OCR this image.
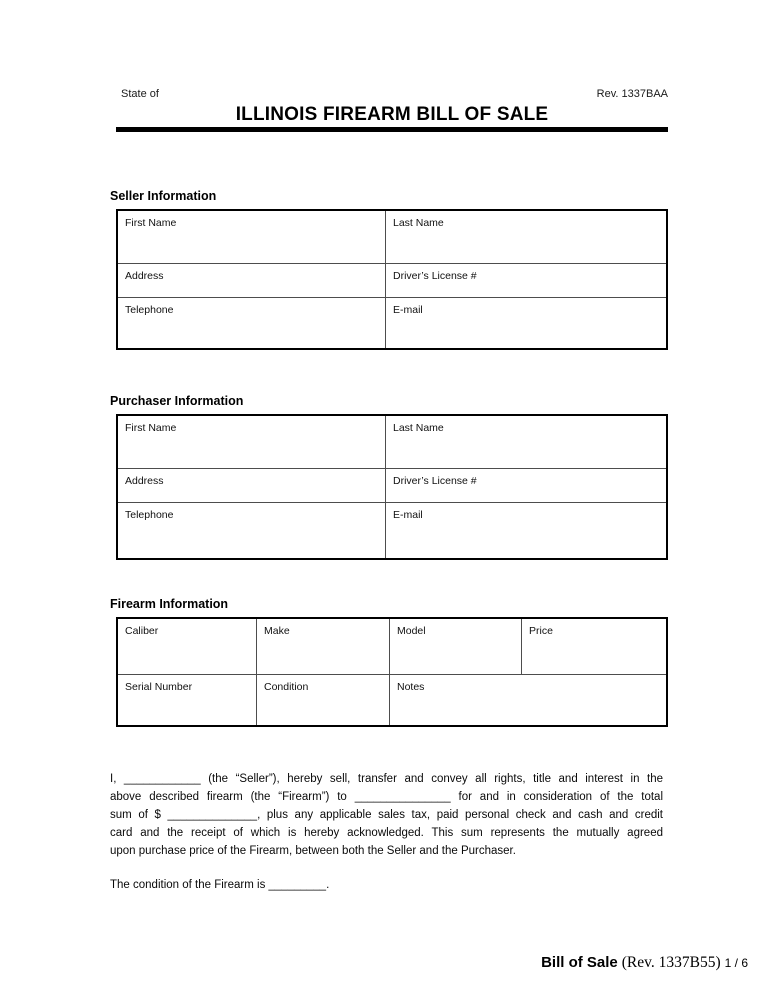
State of	Rev. 1337BAA
ILLINOIS FIREARM BILL OF SALE
Seller Information
First Name	Last Name
Address	Driver’s License #
Telephone	E-mail
Purchaser Information
First Name	Last Name
Address	Driver’s License #
Telephone	E-mail
Firearm Information
Caliber	Make	Model	Price
Serial Number	Condition	Notes
I, ____________ (the “Seller”), hereby sell, transfer and convey all rights, title and interest in the
above described firearm (the “Firearm”) to _______________ for and in consideration of the total
sum of $ ______________, plus any applicable sales tax, paid personal check and cash and credit
card and the receipt of which is hereby acknowledged. This sum represents the mutually agreed
upon purchase price of the Firearm, between both the Seller and the Purchaser.
The condition of the Firearm is _________.
Bill of Sale (Rev. 1337B55) 1 / 6
